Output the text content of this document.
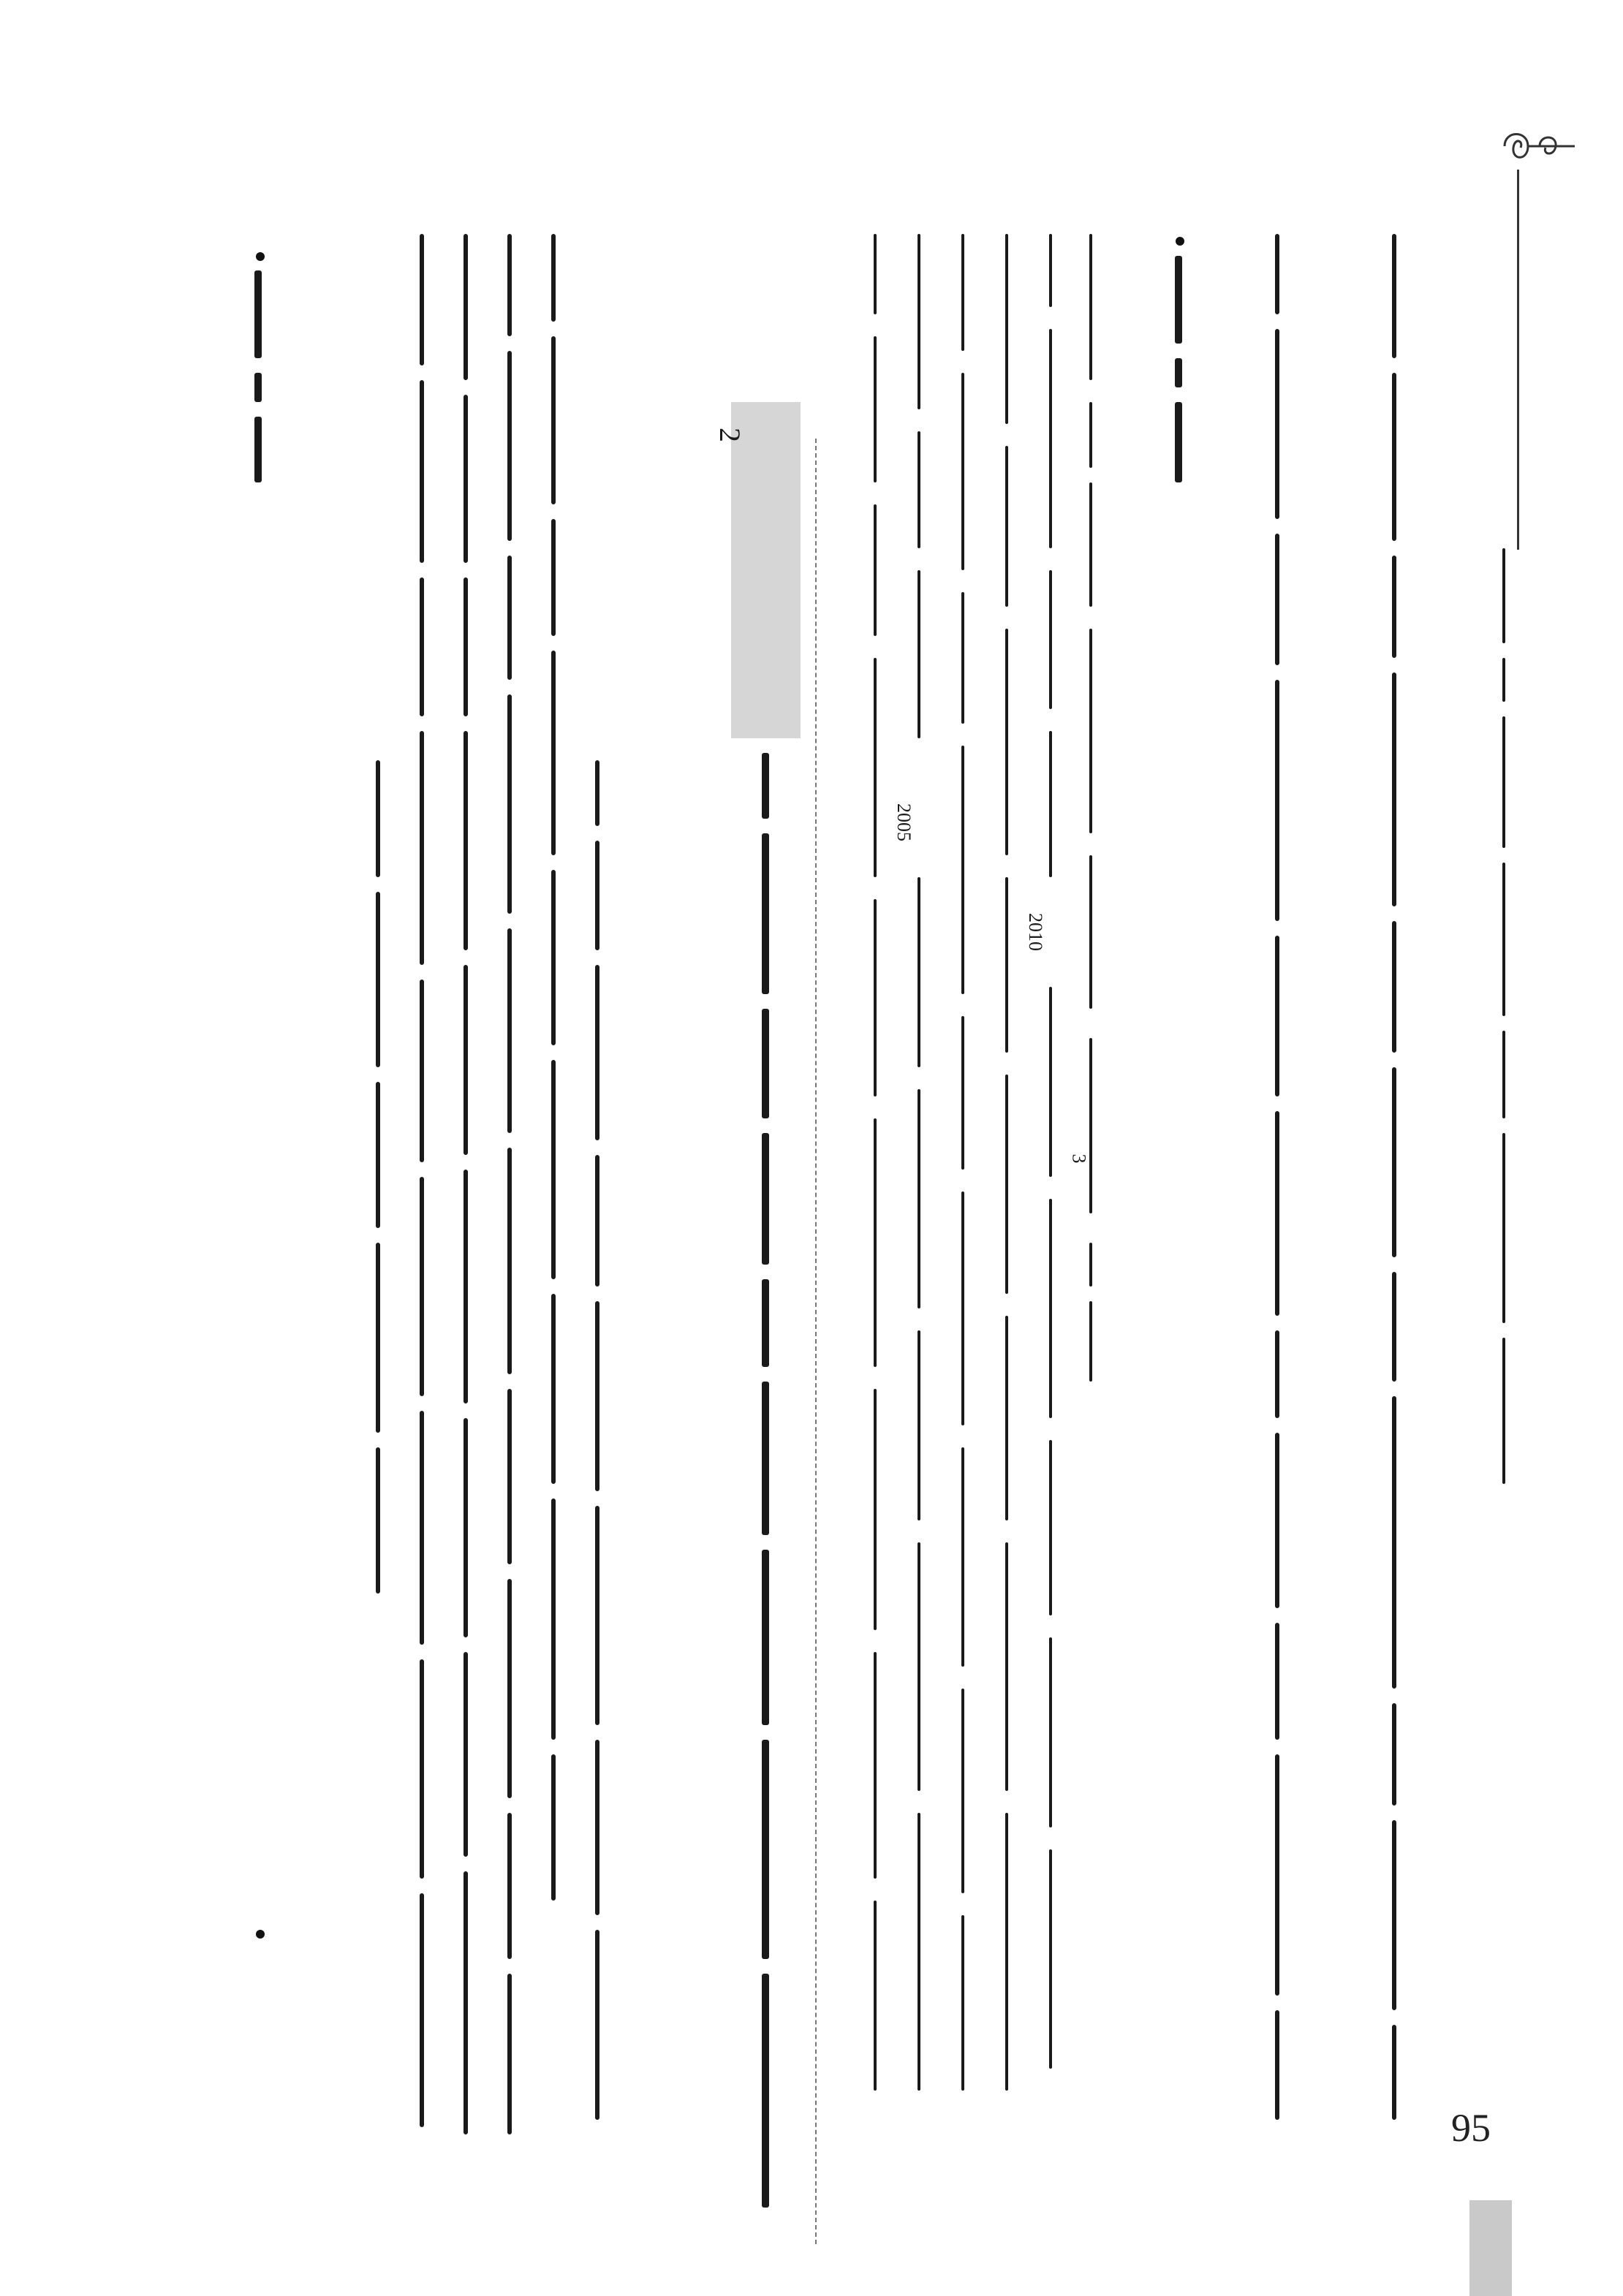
3
2010
2005
2
95
